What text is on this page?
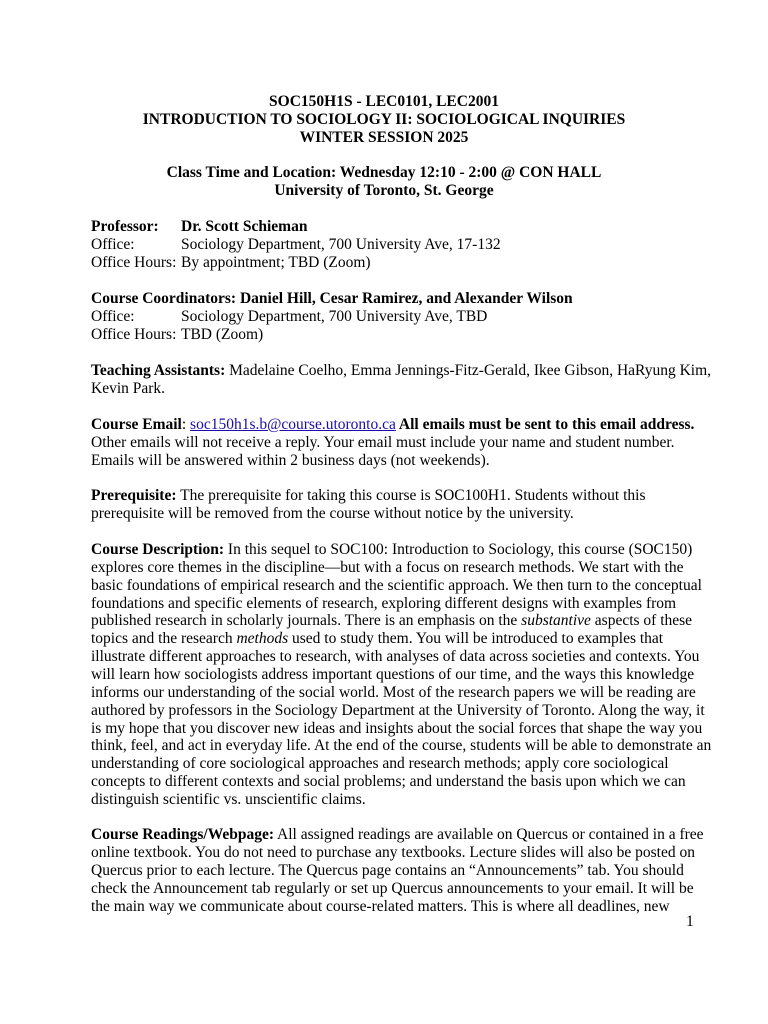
SOC150H1S - LEC0101, LEC2001
INTRODUCTION TO SOCIOLOGY II: SOCIOLOGICAL INQUIRIES
WINTER SESSION 2025
Class Time and Location: Wednesday 12:10 - 2:00 @ CON HALL
University of Toronto, St. George
Professor: Dr. Scott Schieman
Office:	Sociology Department, 700 University Ave, 17-132
Office Hours: By appointment; TBD (Zoom)
Course Coordinators: Daniel Hill, Cesar Ramirez, and Alexander Wilson
Office:	Sociology Department, 700 University Ave, TBD
Office Hours: TBD (Zoom)
Teaching Assistants: Madelaine Coelho, Emma Jennings-Fitz-Gerald, Ikee Gibson, HaRyung Kim,
Kevin Park.
Course Email: soc150h1s.b@course.utoronto.ca All emails must be sent to this email address.
Other emails will not receive a reply. Your email must include your name and student number.
Emails will be answered within 2 business days (not weekends).
Prerequisite: The prerequisite for taking this course is SOC100H1. Students without this
prerequisite will be removed from the course without notice by the university.
Course Description: In this sequel to SOC100: Introduction to Sociology, this course (SOC150)
explores core themes in the discipline—but with a focus on research methods. We start with the
basic foundations of empirical research and the scientific approach. We then turn to the conceptual
foundations and specific elements of research, exploring different designs with examples from
published research in scholarly journals. There is an emphasis on the substantive aspects of these
topics and the research methods used to study them. You will be introduced to examples that
illustrate different approaches to research, with analyses of data across societies and contexts. You
will learn how sociologists address important questions of our time, and the ways this knowledge
informs our understanding of the social world. Most of the research papers we will be reading are
authored by professors in the Sociology Department at the University of Toronto. Along the way, it
is my hope that you discover new ideas and insights about the social forces that shape the way you
think, feel, and act in everyday life. At the end of the course, students will be able to demonstrate an
understanding of core sociological approaches and research methods; apply core sociological
concepts to different contexts and social problems; and understand the basis upon which we can
distinguish scientific vs. unscientific claims.
Course Readings/Webpage: All assigned readings are available on Quercus or contained in a free
online textbook. You do not need to purchase any textbooks. Lecture slides will also be posted on
Quercus prior to each lecture. The Quercus page contains an “Announcements” tab. You should
check the Announcement tab regularly or set up Quercus announcements to your email. It will be
the main way we communicate about course-related matters. This is where all deadlines, new
1
